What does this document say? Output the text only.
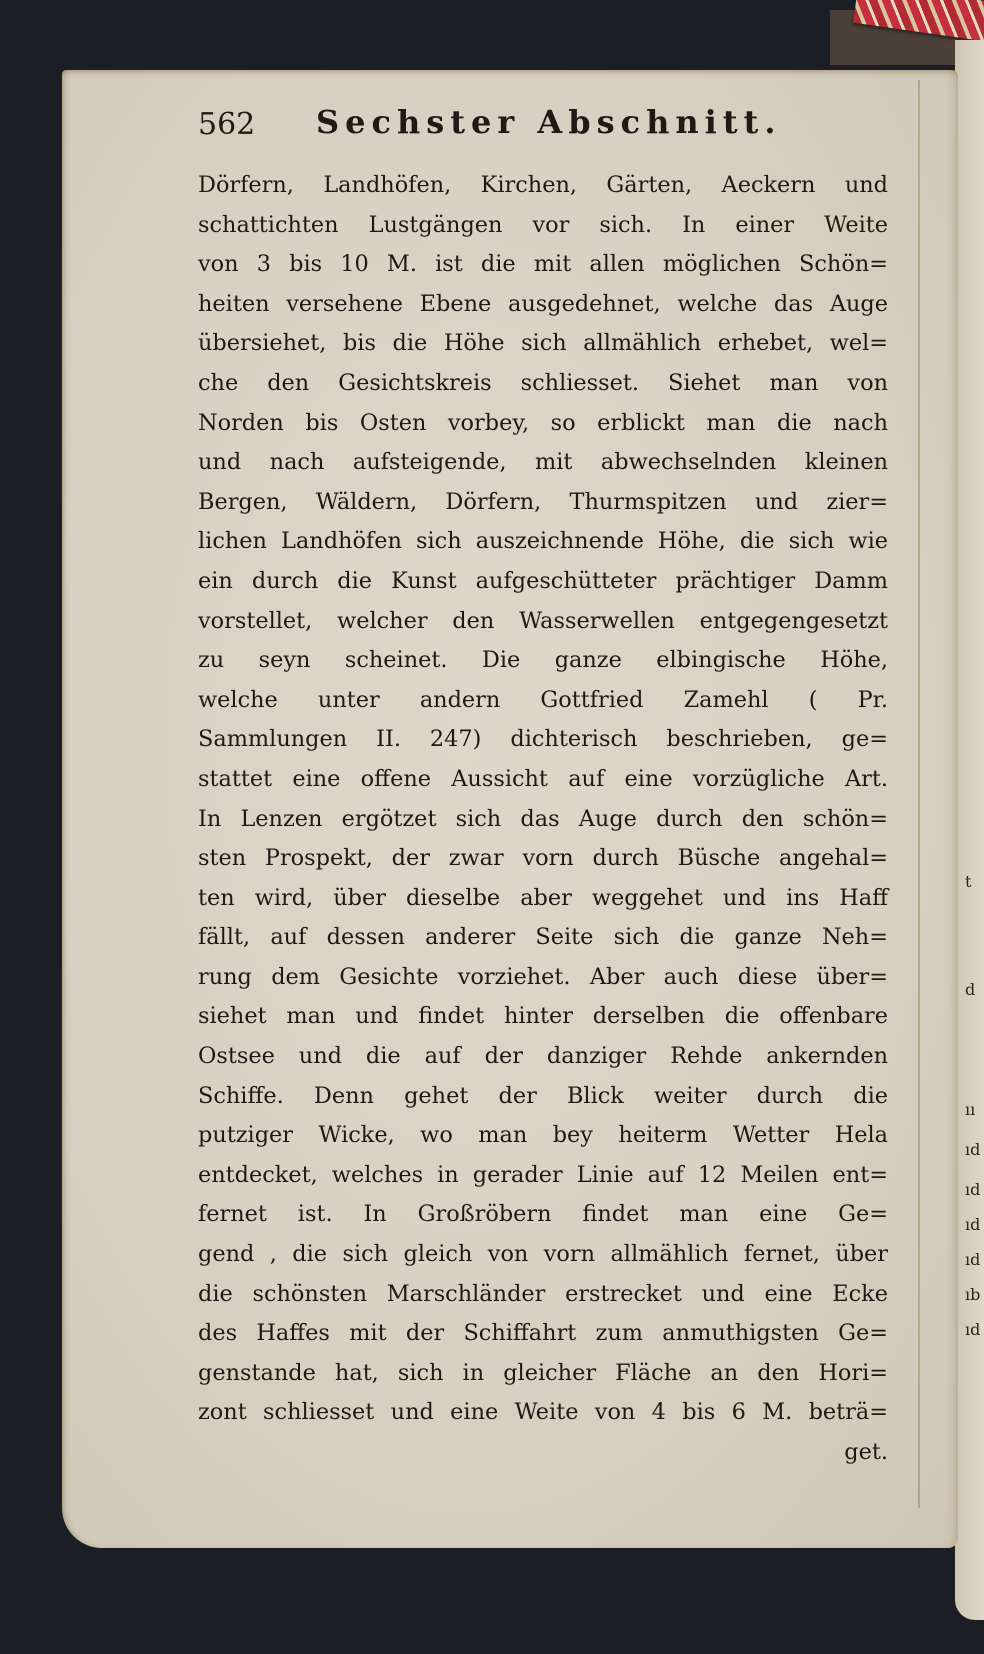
t
d
ıı
ıd
ıd
ıd
ıd
ıb
ıd
562 Sechster Abschnitt.
Dörfern, Landhöfen, Kirchen, Gärten, Aeckern und
schattichten Lustgängen vor sich. In einer Weite
von 3 bis 10 M. ist die mit allen möglichen Schön=
heiten versehene Ebene ausgedehnet, welche das Auge
übersiehet, bis die Höhe sich allmählich erhebet, wel=
che den Gesichtskreis schliesset. Siehet man von
Norden bis Osten vorbey, so erblickt man die nach
und nach aufsteigende, mit abwechselnden kleinen
Bergen, Wäldern, Dörfern, Thurmspitzen und zier=
lichen Landhöfen sich auszeichnende Höhe, die sich wie
ein durch die Kunst aufgeschütteter prächtiger Damm
vorstellet, welcher den Wasserwellen entgegengesetzt
zu seyn scheinet. Die ganze elbingische Höhe,
welche unter andern Gottfried Zamehl ( Pr.
Sammlungen II. 247) dichterisch beschrieben, ge=
stattet eine offene Aussicht auf eine vorzügliche Art.
In Lenzen ergötzet sich das Auge durch den schön=
sten Prospekt, der zwar vorn durch Büsche angehal=
ten wird, über dieselbe aber weggehet und ins Haff
fällt, auf dessen anderer Seite sich die ganze Neh=
rung dem Gesichte vorziehet. Aber auch diese über=
siehet man und findet hinter derselben die offenbare
Ostsee und die auf der danziger Rehde ankernden
Schiffe. Denn gehet der Blick weiter durch die
putziger Wicke, wo man bey heiterm Wetter Hela
entdecket, welches in gerader Linie auf 12 Meilen ent=
fernet ist. In Großröbern findet man eine Ge=
gend , die sich gleich von vorn allmählich fernet, über
die schönsten Marschländer erstrecket und eine Ecke
des Haffes mit der Schiffahrt zum anmuthigsten Ge=
genstande hat, sich in gleicher Fläche an den Hori=
zont schliesset und eine Weite von 4 bis 6 M. beträ=
get.
